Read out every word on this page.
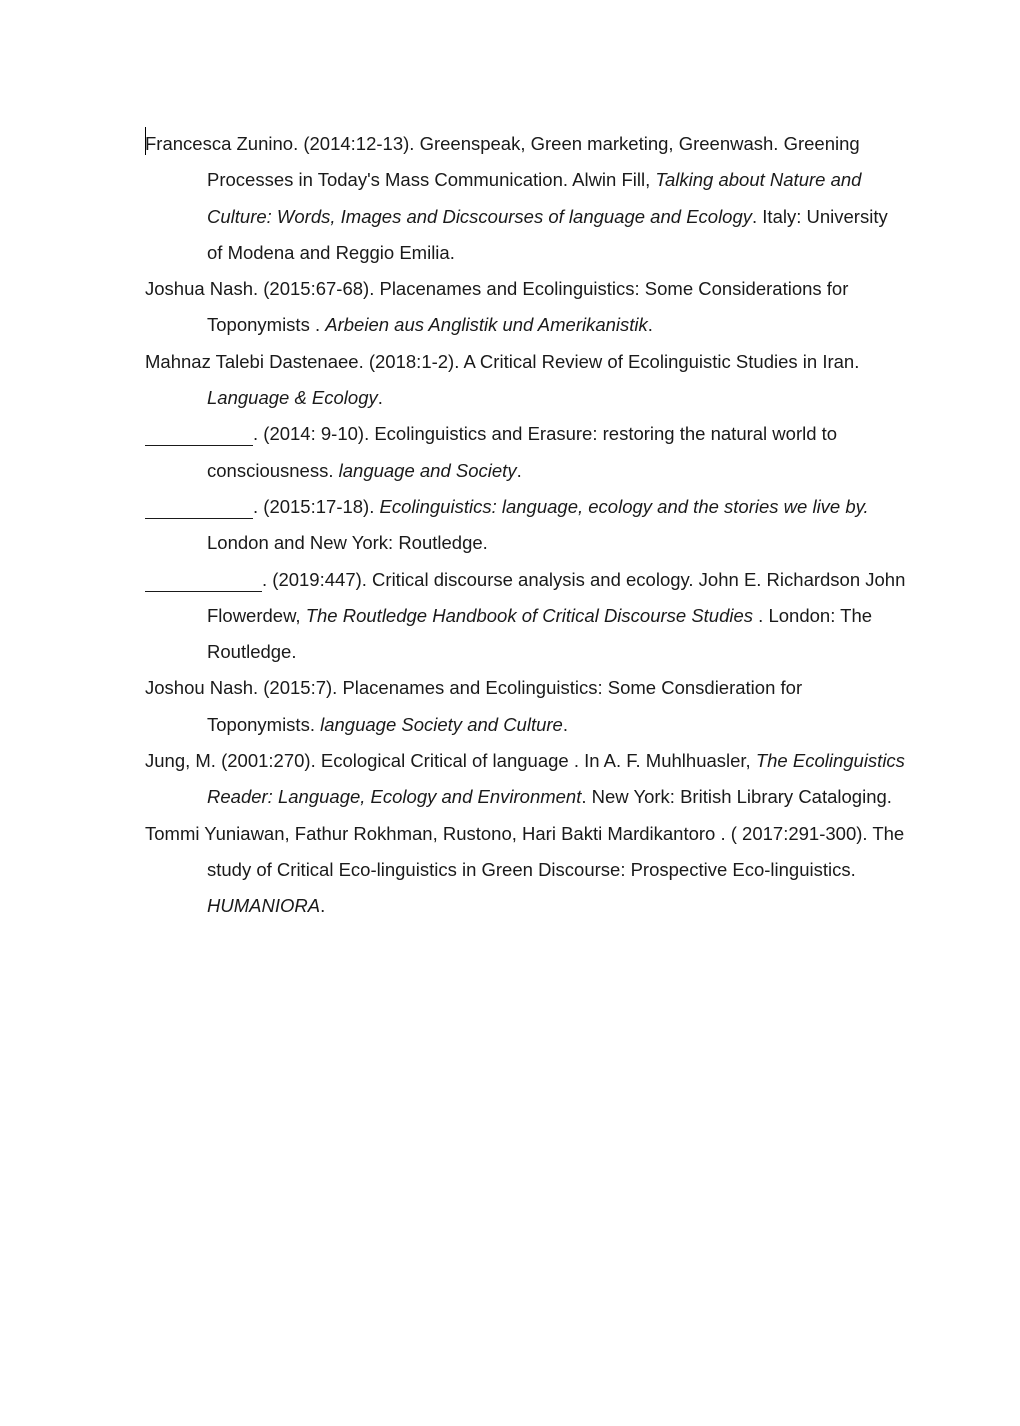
Francesca Zunino. (2014:12-13). Greenspeak, Green marketing, Greenwash. Greening Processes in Today's Mass Communication. Alwin Fill, Talking about Nature and Culture: Words, Images and Dicscourses of language and Ecology. Italy: University of Modena and Reggio Emilia.

Joshua Nash. (2015:67-68). Placenames and Ecolinguistics: Some Considerations for Toponymists . Arbeien aus Anglistik und Amerikanistik.

Mahnaz Talebi Dastenaee. (2018:1-2). A Critical Review of Ecolinguistic Studies in Iran. Language & Ecology.

. (2014: 9-10). Ecolinguistics and Erasure: restoring the natural world to consciousness. language and Society.

. (2015:17-18). Ecolinguistics: language, ecology and the stories we live by. London and New York: Routledge.

. (2019:447). Critical discourse analysis and ecology. John E. Richardson John Flowerdew, The Routledge Handbook of Critical Discourse Studies . London: The Routledge.

Joshou Nash. (2015:7). Placenames and Ecolinguistics: Some Consdieration for Toponymists. language Society and Culture.

Jung, M. (2001:270). Ecological Critical of language . In A. F. Muhlhuasler, The Ecolinguistics Reader: Language, Ecology and Environment. New York: British Library Cataloging.

Tommi Yuniawan, Fathur Rokhman, Rustono, Hari Bakti Mardikantoro . ( 2017:291-300). The study of Critical Eco-linguistics in Green Discourse: Prospective Eco-linguistics. HUMANIORA.
